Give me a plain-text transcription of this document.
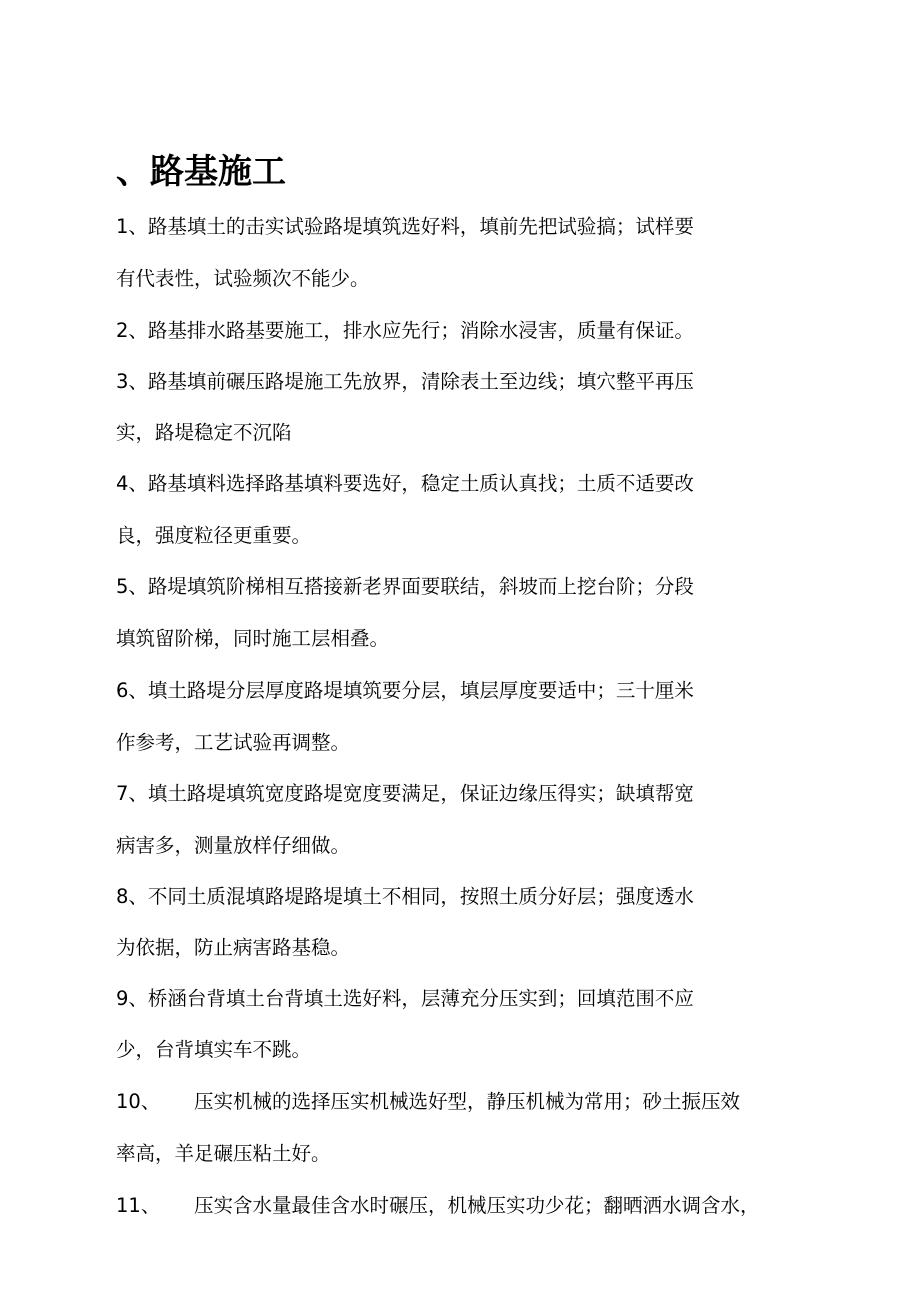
、路基施工
1、路基填土的击实试验路堤填筑选好料，填前先把试验搞；试样要
有代表性，试验频次不能少。
2、路基排水路基要施工，排水应先行；消除水浸害，质量有保证。
3、路基填前碾压路堤施工先放界，清除表土至边线；填穴整平再压
实，路堤稳定不沉陷
4、路基填料选择路基填料要选好，稳定土质认真找；土质不适要改
良，强度粒径更重要。
5、路堤填筑阶梯相互搭接新老界面要联结，斜坡而上挖台阶；分段
填筑留阶梯，同时施工层相叠。
6、填土路堤分层厚度路堤填筑要分层，填层厚度要适中；三十厘米
作参考，工艺试验再调整。
7、填土路堤填筑宽度路堤宽度要满足，保证边缘压得实；缺填帮宽
病害多，测量放样仔细做。
8、不同土质混填路堤路堤填土不相同，按照土质分好层；强度透水
为依据，防止病害路基稳。
9、桥涵台背填土台背填土选好料，层薄充分压实到；回填范围不应
少，台背填实车不跳。
10、 压实机械的选择压实机械选好型，静压机械为常用；砂土振压效
率高，羊足碾压粘土好。
11、 压实含水量最佳含水时碾压，机械压实功少花；翻晒洒水调含水，
